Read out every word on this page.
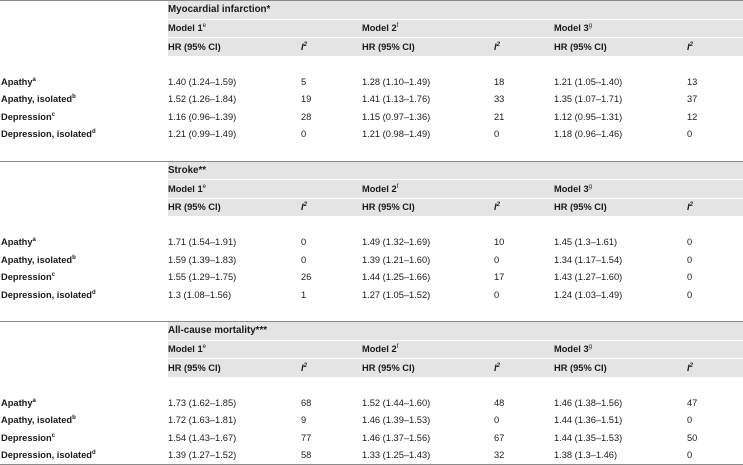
	Myocardial infarction*					
	Model 1e		Model 2$^f$		Model 3$^g$
	HR (95% CI)	$I^2$	HR (95% CI)	$I^2$	HR (95% CI)	$I^2$

Apathy$^a$	1.40 (1.24–1.59)	5	1.28 (1.10–1.49)	18	1.21 (1.05–1.40)	13
Apathy, isolated$^b$	1.52 (1.26–1.84)	19	1.41 (1.13–1.76)	33	1.35 (1.07–1.71)	37
Depression$^c$	1.16 (0.96–1.39)	28	1.15 (0.97–1.36)	21	1.12 (0.95–1.31)	12
Depression, isolated$^d$	1.21 (0.99–1.49)	0	1.21 (0.98–1.49)	0	1.18 (0.96–1.46)	0

	Stroke**					
	Model 1e		Model 2$^f$		Model 3$^g$
	HR (95% CI)	$I^2$	HR (95% CI)	$I^2$	HR (95% CI)	$I^2$

Apathy$^a$	1.71 (1.54–1.91)	0	1.49 (1.32–1.69)	10	1.45 (1.3–1.61)	0
Apathy, isolated$^b$	1.59 (1.39–1.83)	0	1.39 (1.21–1.60)	0	1.34 (1.17–1.54)	0
Depression$^c$	1.55 (1.29–1.75)	26	1.44 (1.25–1.66)	17	1.43 (1.27–1.60)	0
Depression, isolated$^d$	1.3 (1.08–1.56)	1	1.27 (1.05–1.52)	0	1.24 (1.03–1.49)	0

	All-cause mortality***					
	Model 1e		Model 2$^f$		Model 3$^g$
	HR (95% CI)	$I^2$	HR (95% CI)	$I^2$	HR (95% CI)	$I^2$

Apathy$^a$	1.73 (1.62–1.85)	68	1.52 (1.44–1.60)	48	1.46 (1.38–1.56)	47
Apathy, isolated$^b$	1.72 (1.63–1.81)	9	1.46 (1.39–1.53)	0	1.44 (1.36–1.51)	0
Depression$^c$	1.54 (1.43–1.67)	77	1.46 (1.37–1.56)	67	1.44 (1.35–1.53)	50
Depression, isolated$^d$	1.39 (1.27–1.52)	58	1.33 (1.25–1.43)	32	1.38 (1.3–1.46)	0
